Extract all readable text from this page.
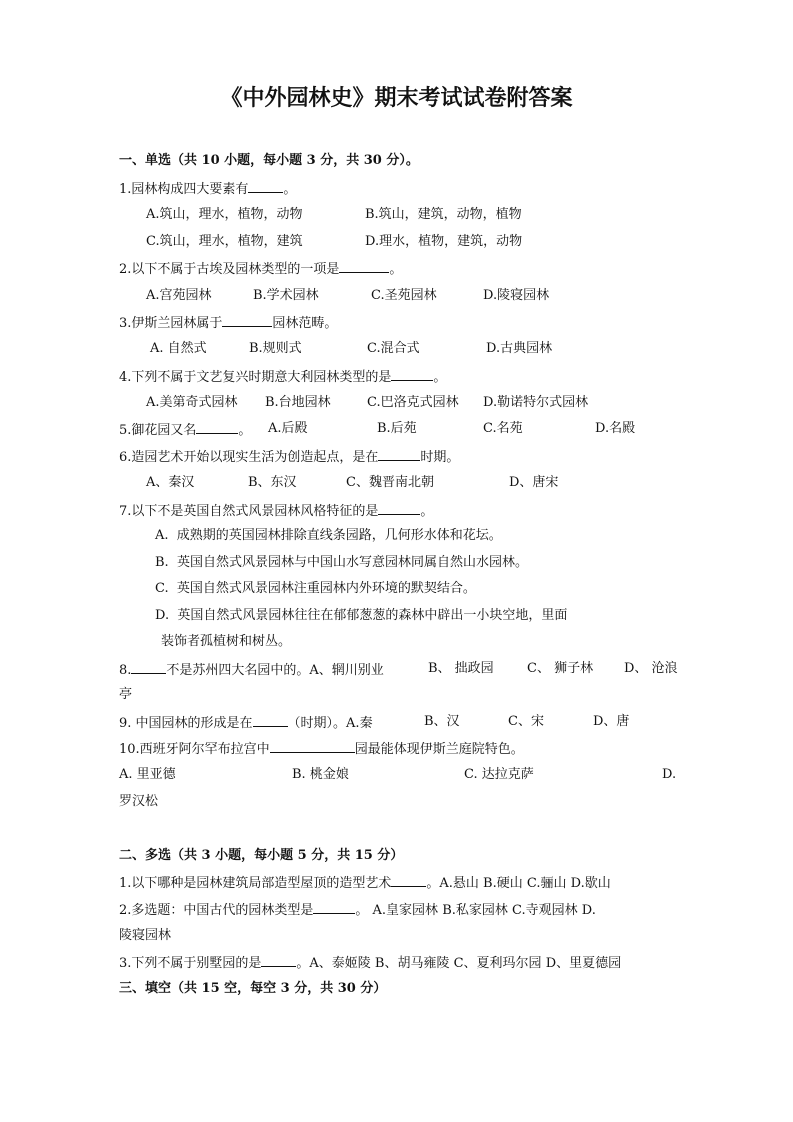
《中外园林史》期末考试试卷附答案
一、单选（共 10 小题，每小题 3 分，共 30 分）。
1.园林构成四大要素有	。
A.筑山，理水，植物，动物	B.筑山，建筑，动物，植物
C.筑山，理水，植物，建筑	D.理水，植物，建筑，动物
2.以下不属于古埃及园林类型的一项是	。
A.宫苑园林	B.学术园林	C.圣苑园林	D.陵寝园林
3.伊斯兰园林属于	园林范畴。
A. 自然式	B.规则式	C.混合式	D.古典园林
4.下列不属于文艺复兴时期意大利园林类型的是	。
A.美第奇式园林 B.台地园林	C.巴洛克式园林 D.勒诺特尔式园林
5.御花园又名	。 A.后殿	B.后苑	C.名苑	D.名殿
6.造园艺术开始以现实生活为创造起点，是在	时期。
A、秦汉	B、东汉	C、魏晋南北朝	D、唐宋
7.以下不是英国自然式风景园林风格特征的是	。
A. 成熟期的英国园林排除直线条园路，几何形水体和花坛。
B. 英国自然式风景园林与中国山水写意园林同属自然山水园林。
C. 英国自然式风景园林注重园林内外环境的默契结合。
D. 英国自然式风景园林往往在郁郁葱葱的森林中辟出一小块空地，里面
装饰者孤植树和树丛。
8.	不是苏州四大名园中的。A、辋川别业	B、 拙政园	C、 狮子林 D、 沧浪
亭
9. 中国园林的形成是在	（时期）。A.秦	B、汉	C、宋	D、唐
10.西班牙阿尔罕布拉宫中	园最能体现伊斯兰庭院特色。
A. 里亚德	B. 桃金娘	C. 达拉克萨	D.
罗汉松
二、多选（共 3 小题，每小题 5 分，共 15 分）
1.以下哪种是园林建筑局部造型屋顶的造型艺术	。A.悬山 B.硬山 C.骊山 D.歇山
2.多选题：中国古代的园林类型是	。 A.皇家园林 B.私家园林 C.寺观园林 D.
陵寝园林
3.下列不属于别墅园的是	。A、泰姬陵 B、胡马雍陵 C、夏利玛尔园 D、里夏德园
三、填空（共 15 空，每空 3 分，共 30 分）
